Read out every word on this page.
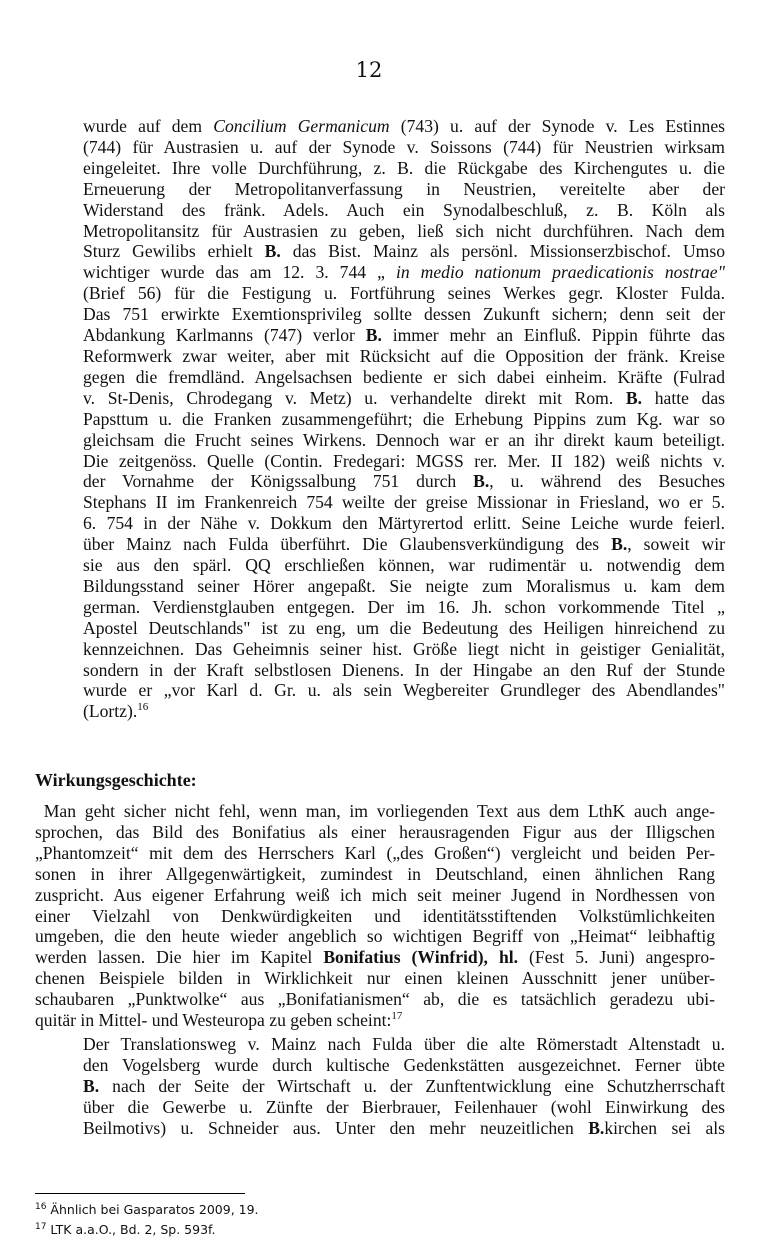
12
wurde auf dem Concilium Germanicum (743) u. auf der Synode v. Les Estinnes
(744) für Austrasien u. auf der Synode v. Soissons (744) für Neustrien wirksam
eingeleitet. Ihre volle Durchführung, z. B. die Rückgabe des Kirchengutes u. die
Erneuerung der Metropolitanverfassung in Neustrien, vereitelte aber der
Widerstand des fränk. Adels. Auch ein Synodalbeschluß, z. B. Köln als
Metropolitansitz für Austrasien zu geben, ließ sich nicht durchführen. Nach dem
Sturz Gewilibs erhielt B. das Bist. Mainz als persönl. Missionserzbischof. Umso
wichtiger wurde das am 12. 3. 744 „ in medio nationum praedicationis nostrae"
(Brief 56) für die Festigung u. Fortführung seines Werkes gegr. Kloster Fulda.
Das 751 erwirkte Exemtionsprivileg sollte dessen Zukunft sichern; denn seit der
Abdankung Karlmanns (747) verlor B. immer mehr an Einfluß. Pippin führte das
Reformwerk zwar weiter, aber mit Rücksicht auf die Opposition der fränk. Kreise
gegen die fremdländ. Angelsachsen bediente er sich dabei einheim. Kräfte (Fulrad
v. St-Denis, Chrodegang v. Metz) u. verhandelte direkt mit Rom. B. hatte das
Papsttum u. die Franken zusammengeführt; die Erhebung Pippins zum Kg. war so
gleichsam die Frucht seines Wirkens. Dennoch war er an ihr direkt kaum beteiligt.
Die zeitgenöss. Quelle (Contin. Fredegari: MGSS rer. Mer. II 182) weiß nichts v.
der Vornahme der Königssalbung 751 durch B., u. während des Besuches
Stephans II im Frankenreich 754 weilte der greise Missionar in Friesland, wo er 5.
6. 754 in der Nähe v. Dokkum den Märtyrertod erlitt. Seine Leiche wurde feierl.
über Mainz nach Fulda überführt. Die Glaubensverkündigung des B., soweit wir
sie aus den spärl. QQ erschließen können, war rudimentär u. notwendig dem
Bildungsstand seiner Hörer angepaßt. Sie neigte zum Moralismus u. kam dem
german. Verdienstglauben entgegen. Der im 16. Jh. schon vorkommende Titel „
Apostel Deutschlands" ist zu eng, um die Bedeutung des Heiligen hinreichend zu
kennzeichnen. Das Geheimnis seiner hist. Größe liegt nicht in geistiger Genialität,
sondern in der Kraft selbstlosen Dienens. In der Hingabe an den Ruf der Stunde
wurde er „vor Karl d. Gr. u. als sein Wegbereiter Grundleger des Abendlandes"
(Lortz).$^{16}$
Wirkungsgeschichte:
Man geht sicher nicht fehl, wenn man, im vorliegenden Text aus dem LthK auch ange-
sprochen, das Bild des Bonifatius als einer herausragenden Figur aus der Illigschen
„Phantomzeit“ mit dem des Herrschers Karl („des Großen“) vergleicht und beiden Per-
sonen in ihrer Allgegenwärtigkeit, zumindest in Deutschland, einen ähnlichen Rang
zuspricht. Aus eigener Erfahrung weiß ich mich seit meiner Jugend in Nordhessen von
einer Vielzahl von Denkwürdigkeiten und identitätsstiftenden Volkstümlichkeiten
umgeben, die den heute wieder angeblich so wichtigen Begriff von „Heimat“ leibhaftig
werden lassen. Die hier im Kapitel Bonifatius (Winfrid), hl. (Fest 5. Juni) angespro-
chenen Beispiele bilden in Wirklichkeit nur einen kleinen Ausschnitt jener unüber-
schaubaren „Punktwolke“ aus „Bonifatianismen“ ab, die es tatsächlich geradezu ubi-
quitär in Mittel- und Westeuropa zu geben scheint:$^{17}$
Der Translationsweg v. Mainz nach Fulda über die alte Römerstadt Altenstadt u.
den Vogelsberg wurde durch kultische Gedenkstätten ausgezeichnet. Ferner übte
B. nach der Seite der Wirtschaft u. der Zunftentwicklung eine Schutzherrschaft
über die Gewerbe u. Zünfte der Bierbrauer, Feilenhauer (wohl Einwirkung des
Beilmotivs) u. Schneider aus. Unter den mehr neuzeitlichen B.kirchen sei als
$^{16}$ Ähnlich bei Gasparatos 2009, 19.
$^{17}$ LTK a.a.O., Bd. 2, Sp. 593f.
